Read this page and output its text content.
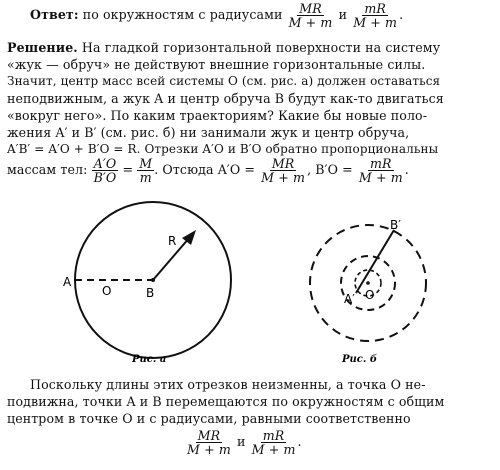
Ответ: по окружностям с радиусами $\frac{MR}{M + m}$ и $\frac{mR}{M + m}$ .
Решение. На гладкой горизонтальной поверхности на систему
«жук — обруч» не действуют внешние горизонтальные силы.
Значит, центр масс всей системы O (см. рис. а) должен оставаться
неподвижным, а жук A и центр обруча B будут как-то двигаться
«вокруг него». По каким траекториям? Какие бы новые поло-
жения A′ и B′ (см. рис. б) ни занимали жук и центр обруча,
A′B′ = A′O + B′O = R. Отрезки A′O и B′O обратно пропорциональны
массам тел: $\frac{A'O}{B'O} = \frac{M}{m}$ . Отсюда $A'O = \frac{MR}{M + m}$ , $B'O = \frac{mR}{M + m}$ .
A
O	B
R
Рис. а
B′
A′ O
Рис. б
Поскольку длины этих отрезков неизменны, а точка O не-
подвижна, точки A и B перемещаются по окружностям с общим
центром в точке O и с радиусами, равными соответственно
$\frac{MR}{M + m}$ и $\frac{mR}{M + m}$ .
